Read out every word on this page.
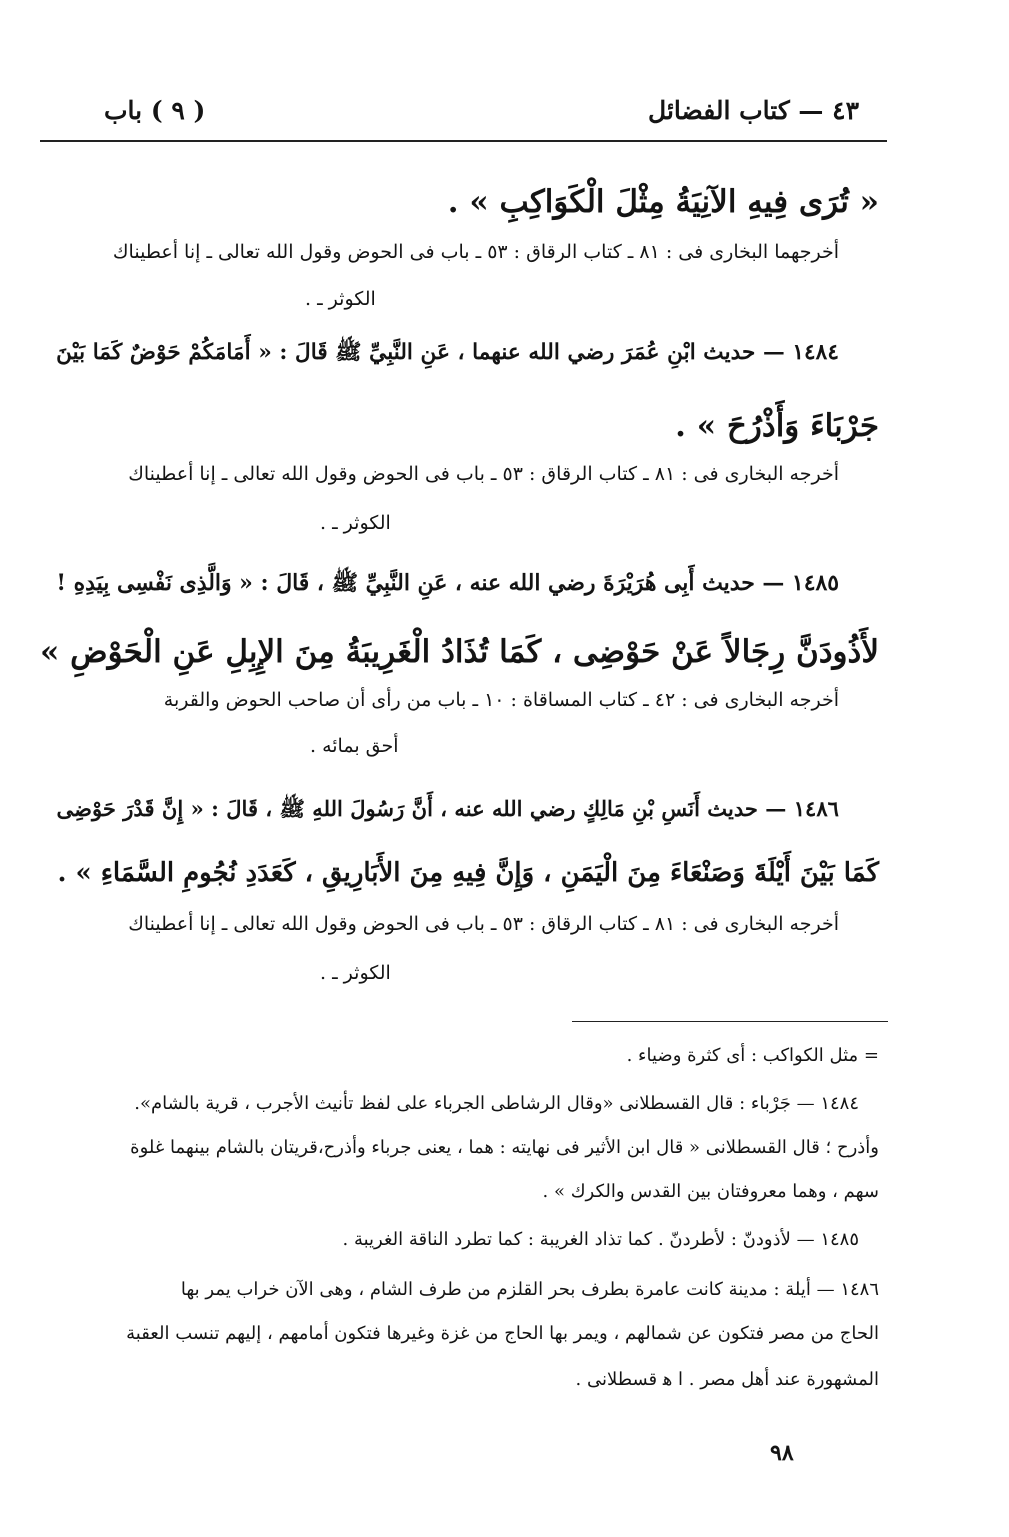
٤٣ — كتاب الفضائل
( ٩ ) باب
« تُرَى فِيهِ الآنِيَةُ مِثْلَ الْكَوَاكِبِ » .
أخرجهما البخارى فى : ٨١ ـ كتاب الرقاق : ٥٣ ـ باب فى الحوض وقول الله تعالى ـ إنا أعطيناك
الكوثر ـ .
١٤٨٤ — حديث ابْنِ عُمَرَ رضي الله عنهما ، عَنِ النَّبِيِّ ﷺ قَالَ : « أَمَامَكُمْ حَوْضٌ كَمَا بَيْنَ
جَرْبَاءَ وَأَذْرُحَ » .
أخرجه البخارى فى : ٨١ ـ كتاب الرقاق : ٥٣ ـ باب فى الحوض وقول الله تعالى ـ إنا أعطيناك
الكوثر ـ .
١٤٨٥ — حديث أَبِى هُرَيْرَةَ رضي الله عنه ، عَنِ النَّبِيِّ ﷺ ، قَالَ : « وَالَّذِى نَفْسِى بِيَدِهِ !
لأَذُودَنَّ رِجَالاً عَنْ حَوْضِى ، كَمَا تُذَادُ الْغَرِيبَةُ مِنَ الإِبِلِ عَنِ الْحَوْضِ »
أخرجه البخارى فى : ٤٢ ـ كتاب المساقاة : ١٠ ـ باب من رأى أن صاحب الحوض والقربة
أحق بمائه .
١٤٨٦ — حديث أَنَسِ بْنِ مَالِكٍ رضي الله عنه ، أَنَّ رَسُولَ اللهِ ﷺ ، قَالَ : « إِنَّ قَدْرَ حَوْضِى
كَمَا بَيْنَ أَيْلَةَ وَصَنْعَاءَ مِنَ الْيَمَنِ ، وَإِنَّ فِيهِ مِنَ الأَبَارِيقِ ، كَعَدَدِ نُجُومِ السَّمَاءِ » .
أخرجه البخارى فى : ٨١ ـ كتاب الرقاق : ٥٣ ـ باب فى الحوض وقول الله تعالى ـ إنا أعطيناك
الكوثر ـ .
= مثل الكواكب : أى كثرة وضياء .
١٤٨٤ — جَرْباء : قال القسطلانى «وقال الرشاطى الجرباء على لفظ تأنيث الأجرب ، قرية بالشام».
وأذرح ؛ قال القسطلانى « قال ابن الأثير فى نهايته : هما ، يعنى جرباء وأذرح،قريتان بالشام بينهما غلوة
سهم ، وهما معروفتان بين القدس والكرك » .
١٤٨٥ — لأذودنّ : لأطردنّ . كما تذاد الغريبة : كما تطرد الناقة الغريبة .
١٤٨٦ — أيلة : مدينة كانت عامرة بطرف بحر القلزم من طرف الشام ، وهى الآن خراب يمر بها
الحاج من مصر فتكون عن شمالهم ، ويمر بها الحاج من غزة وغيرها فتكون أمامهم ، إليهم تنسب العقبة
المشهورة عند أهل مصر . ا ﻫ قسطلانى .
٩٨
